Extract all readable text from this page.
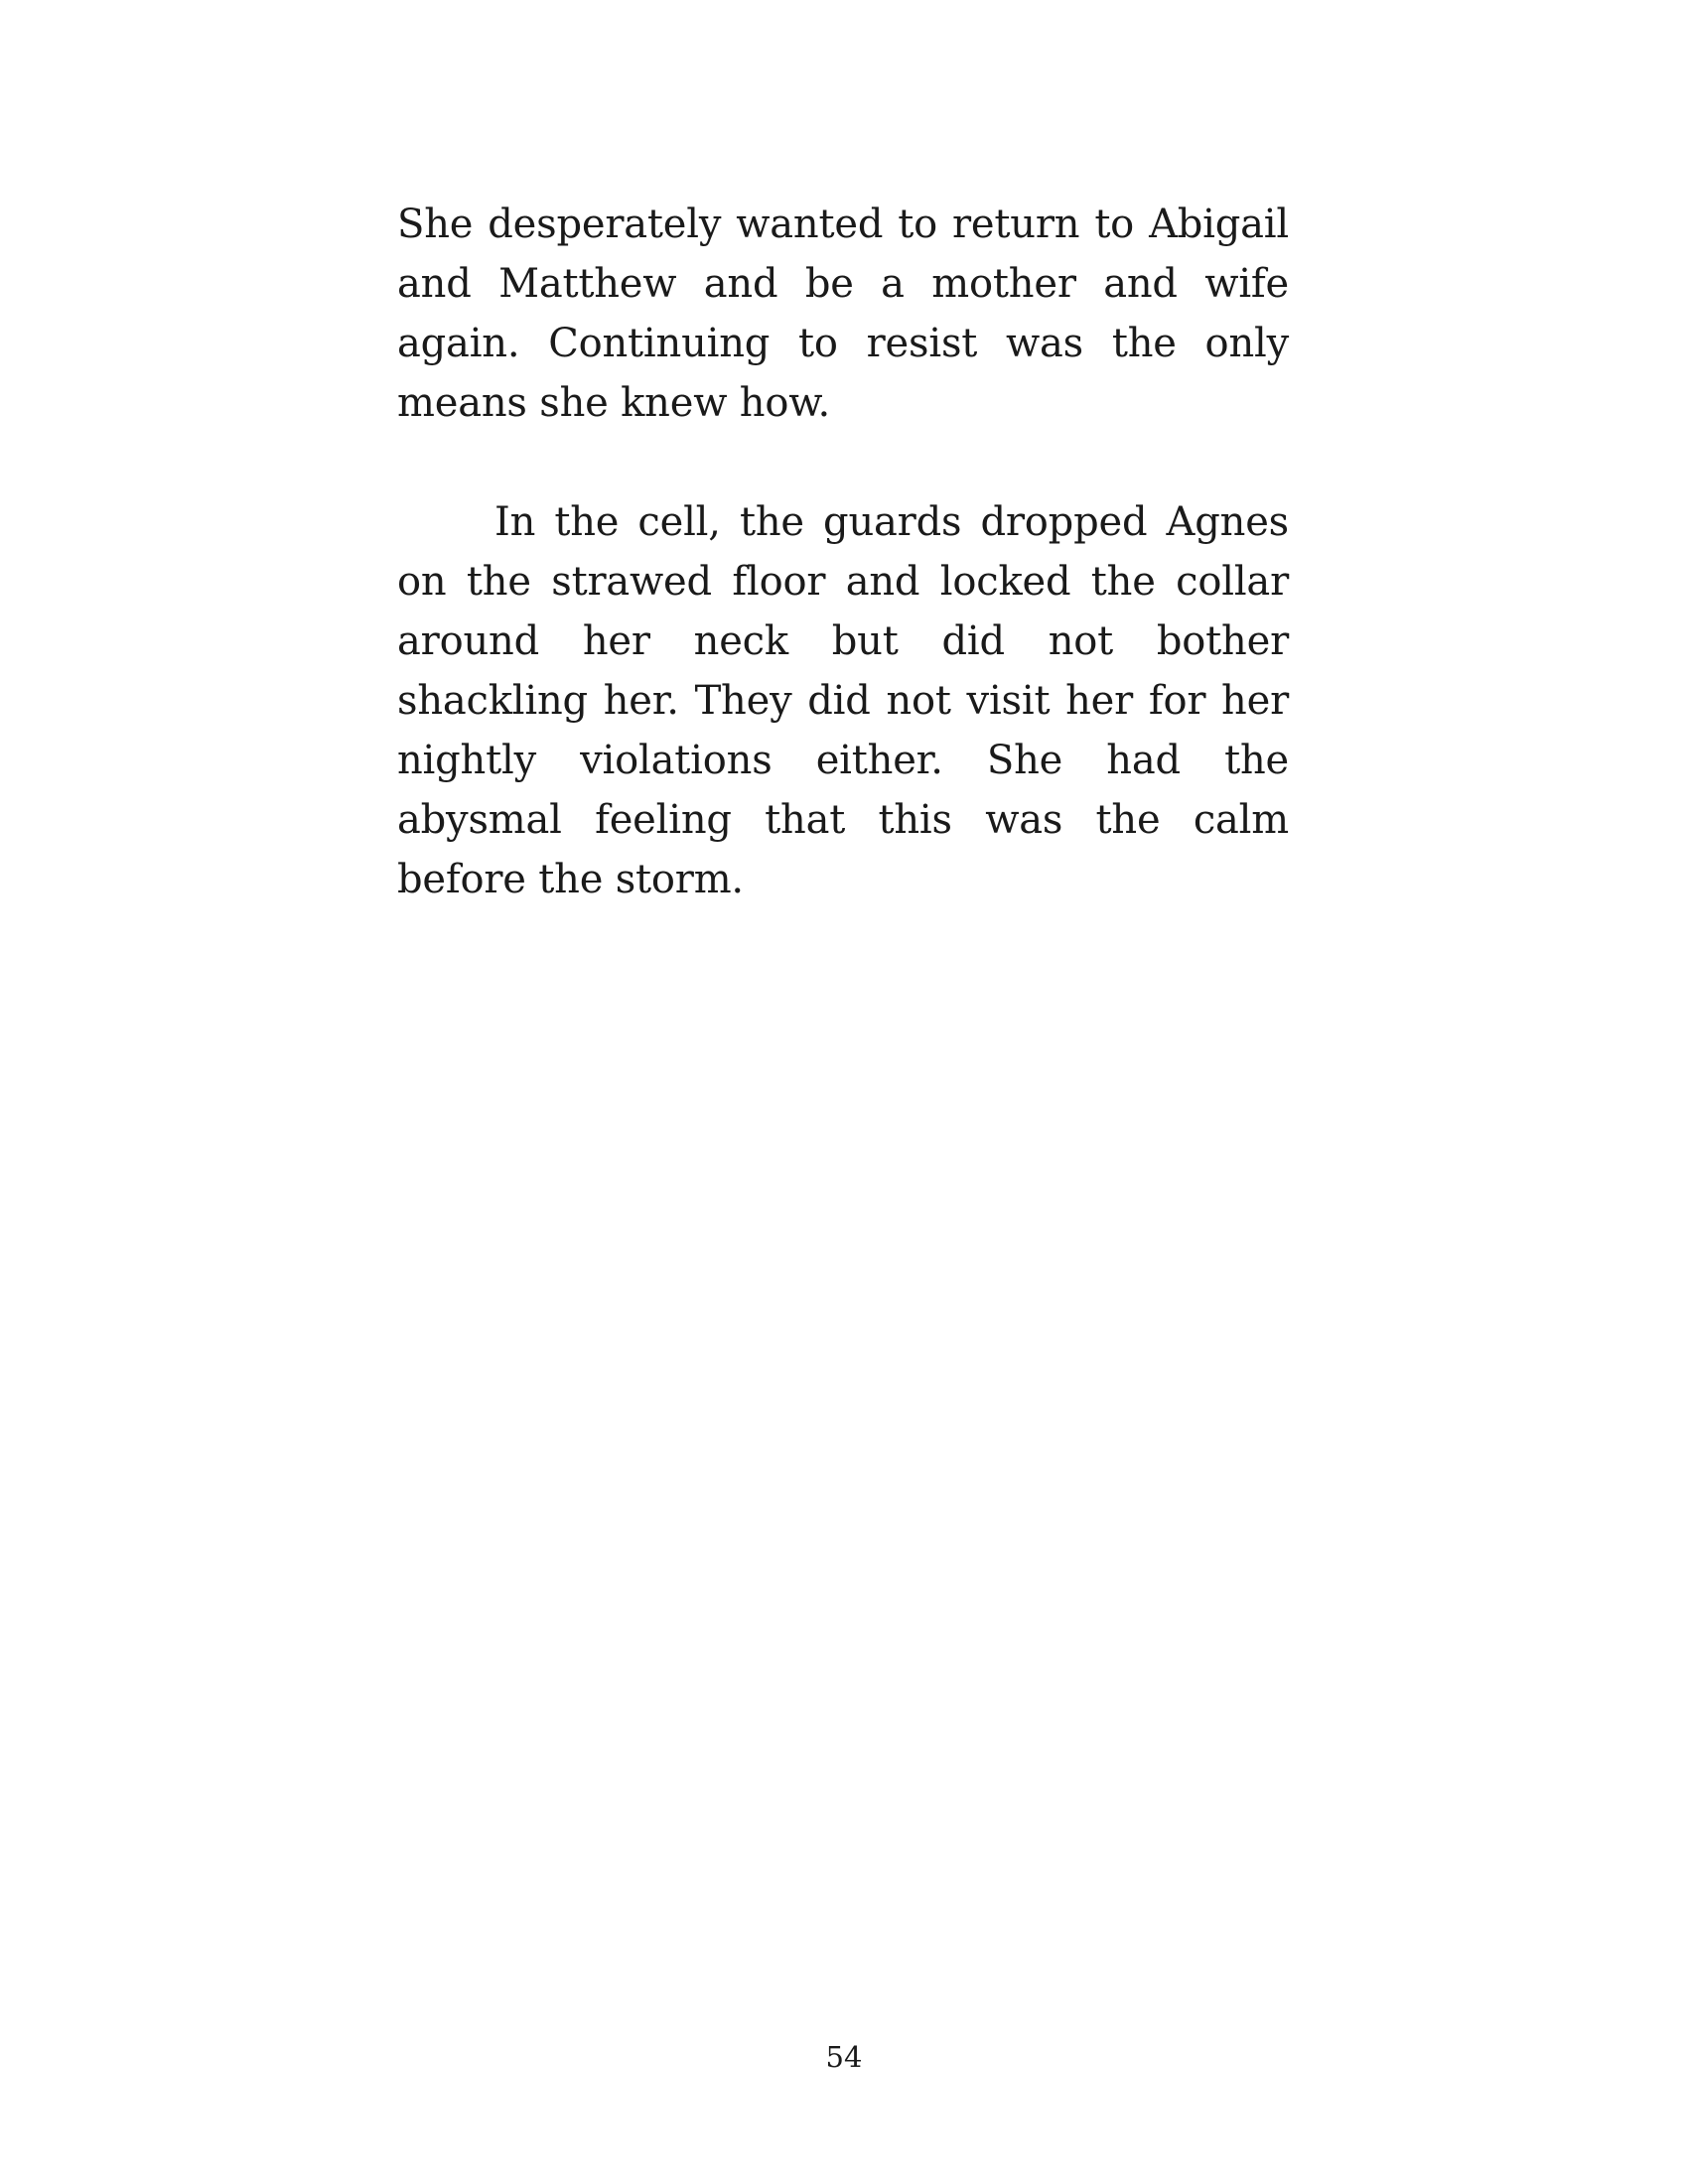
She desperately wanted to return to Abigail and Matthew and be a mother and wife again. Continuing to resist was the only means she knew how.

In the cell, the guards dropped Agnes on the strawed floor and locked the collar around her neck but did not bother shackling her. They did not visit her for her nightly violations either. She had the abysmal feeling that this was the calm before the storm.

54
